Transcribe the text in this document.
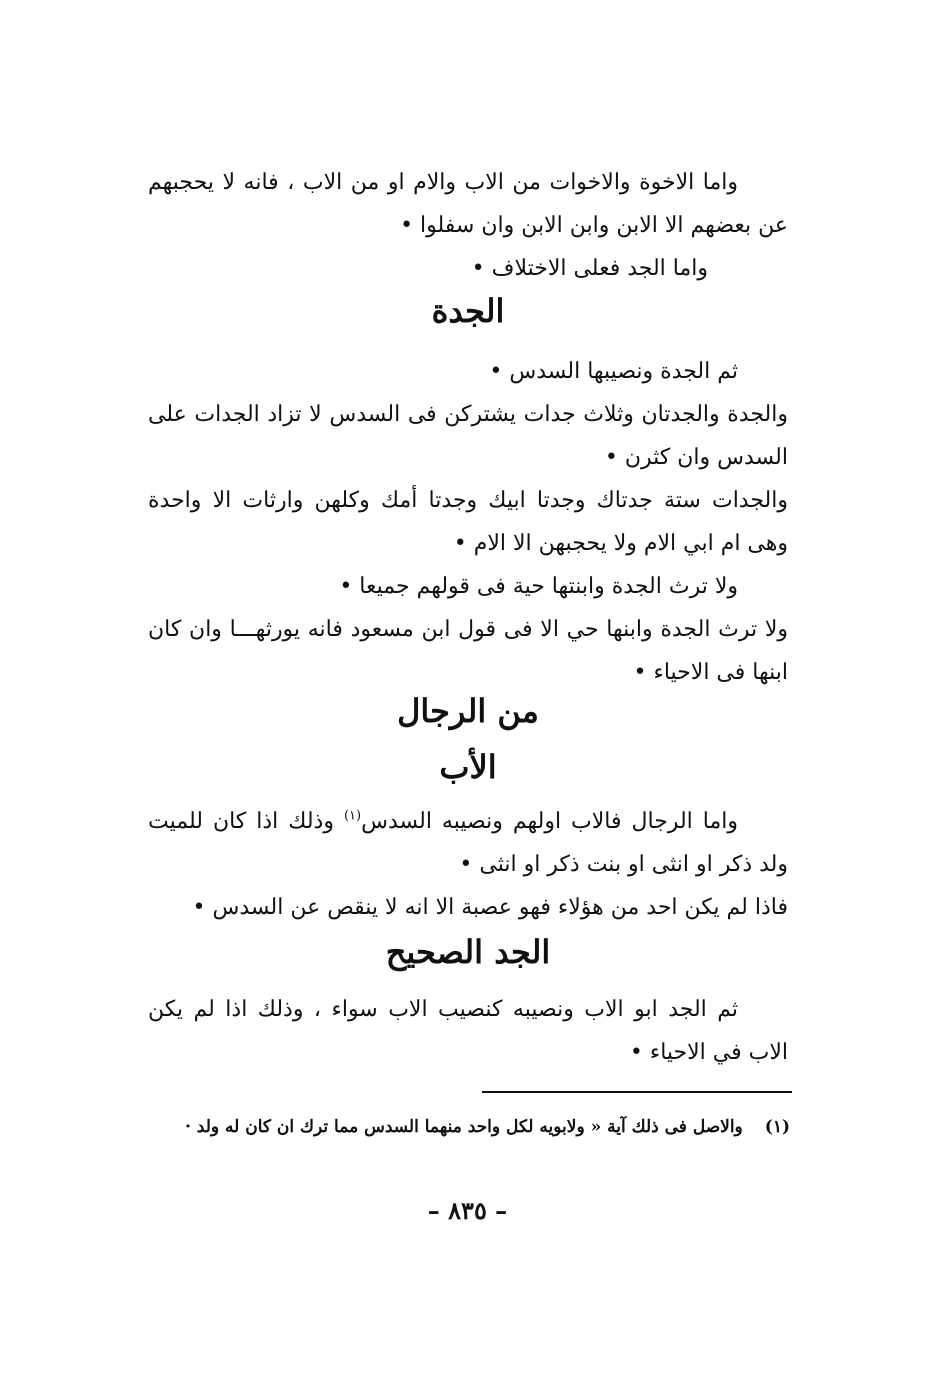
واما الاخوة والاخوات من الاب والام او من الاب ، فانه لا يحجبهم عن بعضهم الا الابن وابن الابن وان سفلوا •

واما الجد فعلى الاختلاف •

الجدة

ثم الجدة ونصيبها السدس •

والجدة والجدتان وثلاث جدات يشتركن فى السدس لا تزاد الجدات على السدس وان كثرن •

والجدات ستة جدتاك وجدتا ابيك وجدتا أمك وكلهن وارثات الا واحدة وهى ام ابي الام ولا يحجبهن الا الام •

ولا ترث الجدة وابنتها حية فى قولهم جميعا •

ولا ترث الجدة وابنها حي الا فى قول ابن مسعود فانه يورثهـــا وان كان ابنها فى الاحياء •

من الرجال
الأب

واما الرجال فالاب اولهم ونصيبه السدس$^{(١)}$ وذلك اذا كان للميت ولد ذكر او انثى او بنت ذكر او انثى •

فاذا لم يكن احد من هؤلاء فهو عصبة الا انه لا ينقص عن السدس •

الجد الصحيح

ثم الجد ابو الاب ونصيبه كنصيب الاب سواء ، وذلك اذا لم يكن الاب في الاحياء •

(١)والاصل فى ذلك آية « ولابويه لكل واحد منهما السدس مما ترك ان كان له ولد ·
– ٨٣٥ –
